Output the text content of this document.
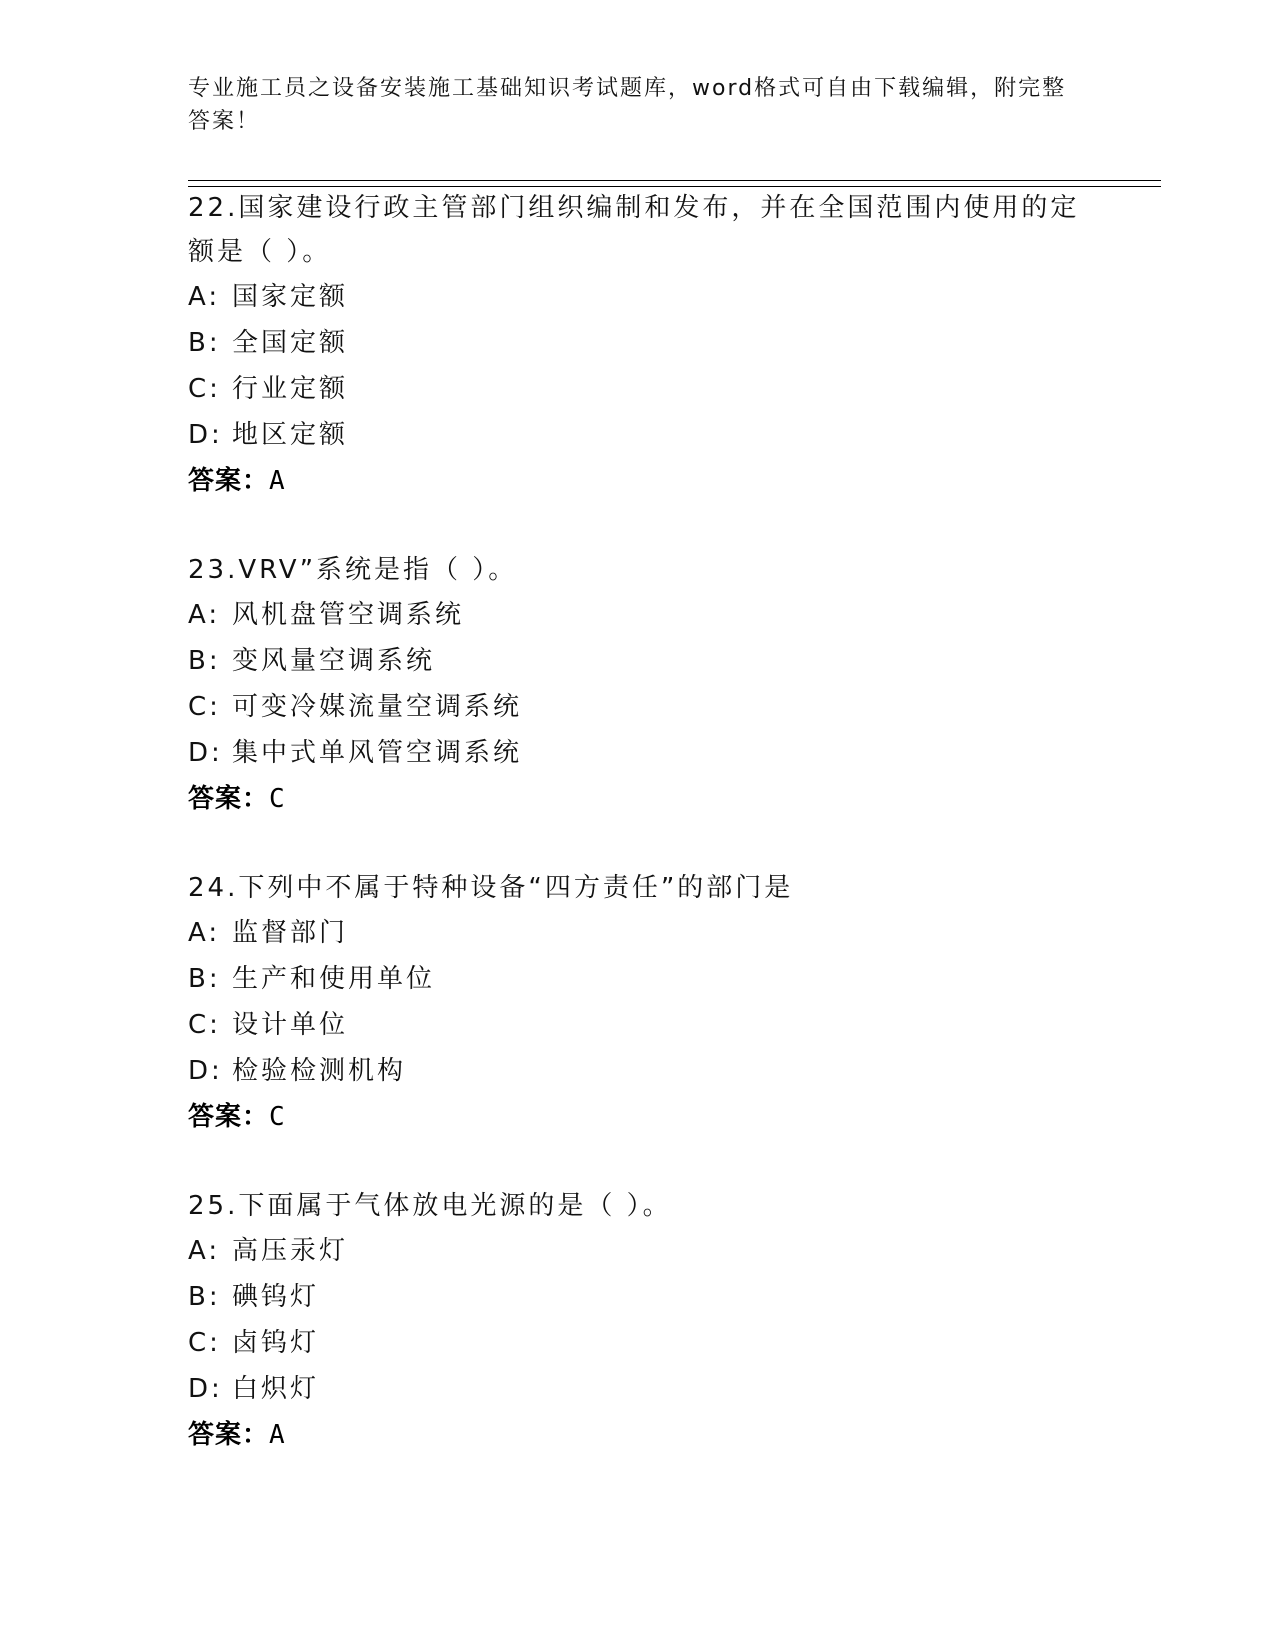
专业施工员之设备安装施工基础知识考试题库，word格式可自由下载编辑，附完整答案！

22.国家建设行政主管部门组织编制和发布，并在全国范围内使用的定额是（ ）。

A: 国家定额

B: 全国定额

C: 行业定额

D: 地区定额

答案：A

23.VRV”系统是指（ ）。

A: 风机盘管空调系统

B: 变风量空调系统

C: 可变冷媒流量空调系统

D: 集中式单风管空调系统

答案：C

24.下列中不属于特种设备“四方责任”的部门是

A: 监督部门

B: 生产和使用单位

C: 设计单位

D: 检验检测机构

答案：C

25.下面属于气体放电光源的是（ ）。

A: 高压汞灯

B: 碘钨灯

C: 卤钨灯

D: 白炽灯

答案：A
